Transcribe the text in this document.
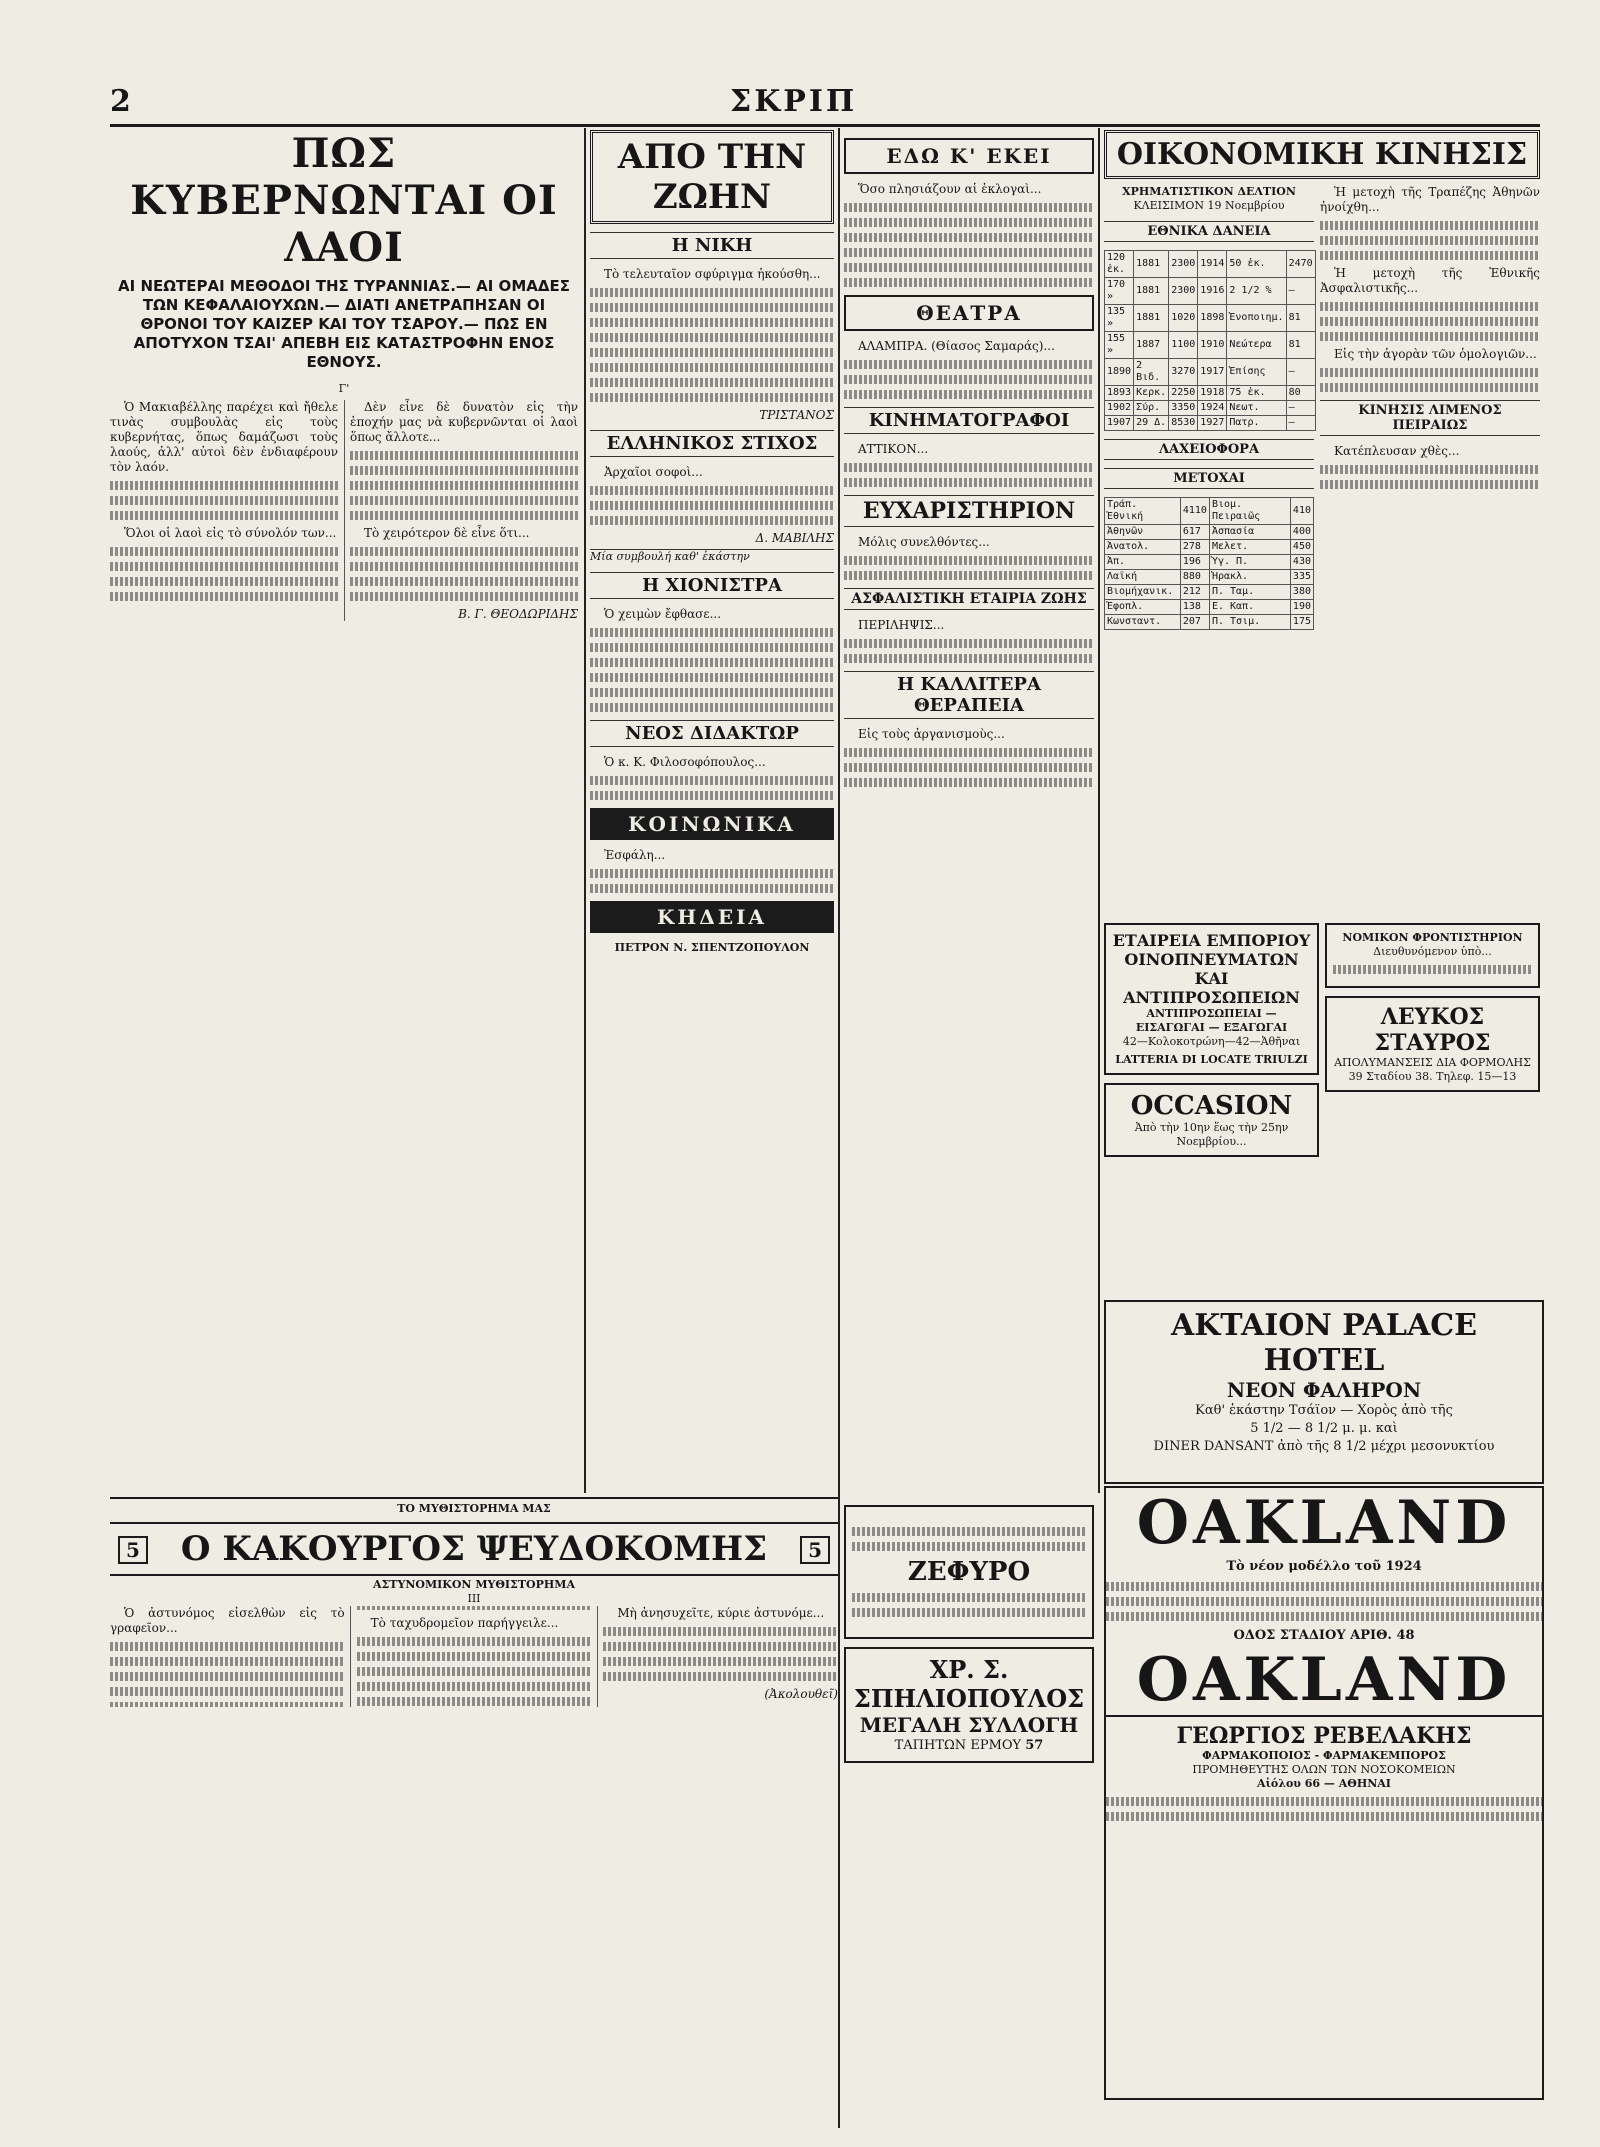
2	ΣΚΡΙΠ
ΠΩΣ ΚΥΒΕΡΝΩΝΤΑΙ ΟΙ ΛΑΟΙ
ΑΙ ΝΕΩΤΕΡΑΙ ΜΕΘΟΔΟΙ ΤΗΣ ΤΥΡΑΝΝΙΑΣ.— ΑΙ ΟΜΑΔΕΣ ΤΩΝ ΚΕΦΑΛΑΙΟΥΧΩΝ.— ΔΙΑΤΙ ΑΝΕΤΡΑΠΗΣΑΝ ΟΙ ΘΡΟΝΟΙ ΤΟΥ ΚΑΙΖΕΡ ΚΑΙ ΤΟΥ ΤΣΑΡΟΥ.— ΠΩΣ ΕΝ ΑΠΟΤΥΧΟΝ ΤΣΑΙ' ΑΠΕΒΗ ΕΙΣ ΚΑΤΑΣΤΡΟΦΗΝ ΕΝΟΣ ΕΘΝΟΥΣ.
Γ'

Ὁ Μακιαβέλλης παρέχει καὶ ἤθελε τινὰς συμβουλὰς εἰς τοὺς κυβερνήτας, ὅπως δαμάζωσι τοὺς λαούς, ἀλλ' αὐτοὶ δὲν ἐνδιαφέρουν τὸν λαόν.

Ὅλοι οἱ λαοὶ εἰς τὸ σύνολόν των...

Δὲν εἶνε δὲ δυνατὸν εἰς τὴν ἐποχήν μας νὰ κυβερνῶνται οἱ λαοὶ ὅπως ἄλλοτε...

Τὸ χειρότερον δὲ εἶνε ὅτι...

Β. Γ. ΘΕΟΔΩΡΙΔΗΣ
ΤΟ ΜΥΘΙΣΤΟΡΗΜΑ ΜΑΣ
5 Ο ΚΑΚΟΥΡΓΟΣ ΨΕΥΔΟΚΟΜΗΣ	5
ΑΣΤΥΝΟΜΙΚΟΝ ΜΥΘΙΣΤΟΡΗΜΑ
III

Ὁ ἀστυνόμος εἰσελθὼν εἰς τὸ γραφεῖον...	Τὸ ταχυδρομεῖον παρήγγειλε...

Μὴ ἀνησυχεῖτε, κύριε ἀστυνόμε...

(Ἀκολουθεῖ)
ΑΠΟ ΤΗΝ ΖΩΗΝ
Η ΝΙΚΗ

Τὸ τελευταῖον σφύριγμα ἠκούσθη...

ΤΡΙΣΤΑΝΟΣ
ΕΛΛΗΝΙΚΟΣ ΣΤΙΧΟΣ

Ἀρχαῖοι σοφοὶ...

Δ. ΜΑΒΙΛΗΣ
Μία συμβουλή καθ' ἑκάστην
Η ΧΙΟΝΙΣΤΡΑ

Ὁ χειμὼν ἔφθασε...

ΝΕΟΣ ΔΙΔΑΚΤΩΡ

Ὁ κ. Κ. Φιλοσοφόπουλος...

ΚΟΙΝΩΝΙΚΑ

Ἐσφάλη...

ΚΗΔΕΙΑ
ΠΕΤΡΟΝ Ν. ΣΠΕΝΤΖΟΠΟΥΛΟΝ
ΕΔΩ Κ' ΕΚΕΙ

Ὅσο πλησιάζουν αἱ ἐκλογαὶ...

ΘΕΑΤΡΑ

ΑΛΑΜΠΡΑ. (Θίασος Σαμαράς)...

ΚΙΝΗΜΑΤΟΓΡΑΦΟΙ

ΑΤΤΙΚΟΝ...

ΕΥΧΑΡΙΣΤΗΡΙΟΝ

Μόλις συνελθόντες...

ΑΣΦΑΛΙΣΤΙΚΗ ΕΤΑΙΡΙΑ ΖΩΗΣ

ΠΕΡΙΛΗΨΙΣ...

Η ΚΑΛΛΙΤΕΡΑ ΘΕΡΑΠΕΙΑ

Εἰς τοὺς ἀργανισμοὺς...

ΖΕΦΥΡΟ
ΧΡ. Σ. ΣΠΗΛΙΟΠΟΥΛΟΣ
ΜΕΓΑΛΗ ΣΥΛΛΟΓΗ
ΤΑΠΗΤΩΝ ΕΡΜΟΥ 57
ΟΙΚΟΝΟΜΙΚΗ ΚΙΝΗΣΙΣ
ΧΡΗΜΑΤΙΣΤΙΚΟΝ ΔΕΛΤΙΟΝ
ΚΛΕΙΣΙΜΟΝ 19 Νοεμβρίου
ΕΘΝΙΚΑ ΔΑΝΕΙΑ
120 ἐκ.	1881	2300	1914	50 ἐκ.	2470
170 »	1881	2300	1916	2 1/2 %	—
135 »	1881	1020	1898	Ἑνοποιημ.	81
155 »	1887	1100	1910	Νεώτερα	81
1890	2 Βιδ.	3270	1917	Ἐπίσης	—
1893	Κερκ.	2250	1918	75 ἐκ.	80
1902	Σύρ.	3350	1924	Νεωτ.	—
1907	29 Δ.	8530	1927	Πατρ.	—
ΛΑΧΕΙΟΦΟΡΑ
ΜΕΤΟΧΑΙ
Τράπ. Ἐθνική	4110	Βιομ. Πειραιῶς	410
Ἀθηνῶν	617	Ἀσπασία	400
Ἀνατολ.	278	Μελετ.	450
Ἀπ.	196	Ὑγ. Π.	430
Λαϊκή	880	Ἡρακλ.	335
Βιομήχανικ.	212	Π. Ταμ.	380
Ἐφοπλ.	138	Ε. Καπ.	190
Κωνσταντ.	207	Π. Τσιμ.	175

Ἡ μετοχὴ τῆς Τραπέζης Ἀθηνῶν ἠνοίχθη...

Ἡ μετοχὴ τῆς Ἐθνικῆς Ἀσφαλιστικῆς...

Εἰς τὴν ἀγορὰν τῶν ὁμολογιῶν...

ΚΙΝΗΣΙΣ ΛΙΜΕΝΟΣ ΠΕΙΡΑΙΩΣ

Κατέπλευσαν χθὲς...

ΕΤΑΙΡΕΙΑ ΕΜΠΟΡΙΟΥ ΟΙΝΟΠΝΕΥΜΑΤΩΝ ΚΑΙ ΑΝΤΙΠΡΟΣΩΠΕΙΩΝ
ΑΝΤΙΠΡΟΣΩΠΕΙΑΙ — ΕΙΣΑΓΩΓΑΙ — ΕΞΑΓΩΓΑΙ
42—Κολοκοτρώνη—42—Ἀθῆναι
LATTERIA DI LOCATE TRIULZI
OCCASION
Ἀπὸ τὴν 10ην ἕως τὴν 25ην Νοεμβρίου...
ΝΟΜΙΚΟΝ ΦΡΟΝΤΙΣΤΗΡΙΟΝ
Διευθυνόμενον ὑπὸ...
ΛΕΥΚΟΣ ΣΤΑΥΡΟΣ
ΑΠΟΛΥΜΑΝΣΕΙΣ ΔΙΑ ΦΟΡΜΟΛΗΣ
39 Σταδίου 38. Τηλεφ. 15—13
AKTAION PALACE HOTEL
ΝΕΟΝ ΦΑΛΗΡΟΝ
Καθ' ἑκάστην Τσάϊον — Χορὸς ἀπὸ τῆς
5 1/2 — 8 1/2 μ. μ. καὶ
DINER DANSANT ἀπὸ τῆς 8 1/2 μέχρι μεσονυκτίου
OAKLAND
Τὸ νέον μοδέλλο τοῦ 1924
ΟΔΟΣ ΣΤΑΔΙΟΥ ΑΡΙΘ. 48
OAKLAND
ΓΕΩΡΓΙΟΣ ΡΕΒΕΛΑΚΗΣ
ΦΑΡΜΑΚΟΠΟΙΟΣ - ΦΑΡΜΑΚΕΜΠΟΡΟΣ
ΠΡΟΜΗΘΕΥΤΗΣ ΟΛΩΝ ΤΩΝ ΝΟΣΟΚΟΜΕΙΩΝ
Αἰόλου 66 — ΑΘΗΝΑΙ
